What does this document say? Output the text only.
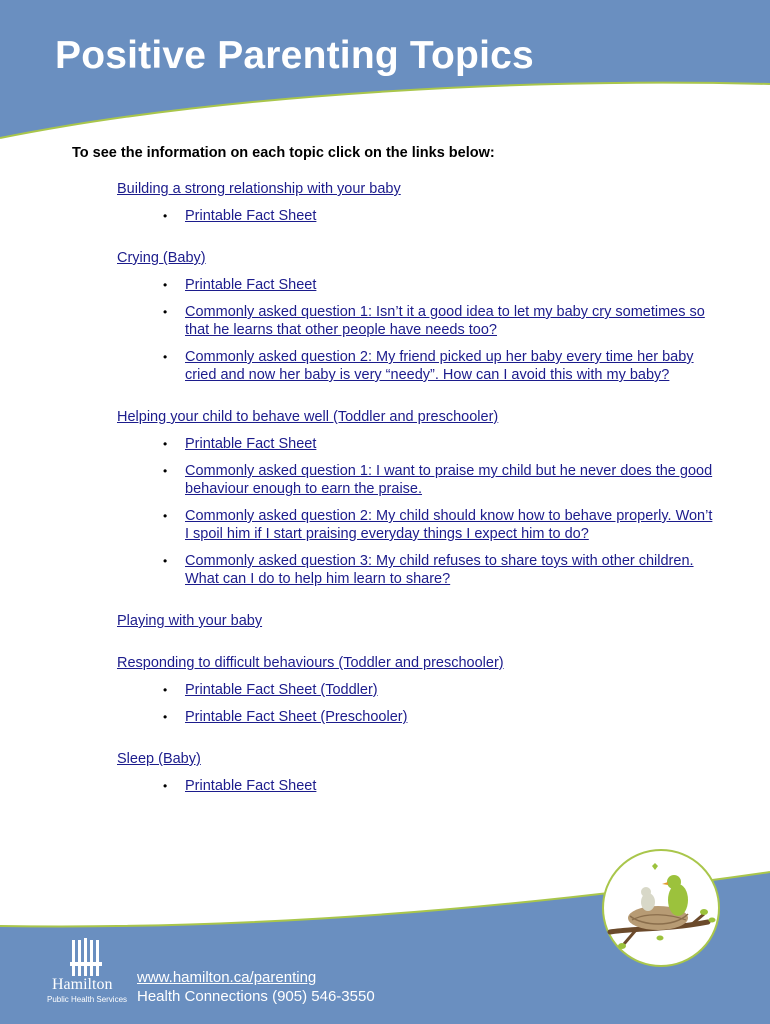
Positive Parenting Topics
To see the information on each topic click on the links below:
Building a strong relationship with your baby
• Printable Fact Sheet
Crying (Baby)
• Printable Fact Sheet
• Commonly asked question 1: Isn’t it a good idea to let my baby cry sometimes so that he learns that other people have needs too?
• Commonly asked question 2: My friend picked up her baby every time her baby cried and now her baby is very “needy”. How can I avoid this with my baby?
Helping your child to behave well (Toddler and preschooler)
• Printable Fact Sheet
• Commonly asked question 1: I want to praise my child but he never does the good behaviour enough to earn the praise.
• Commonly asked question 2: My child should know how to behave properly. Won’t I spoil him if I start praising everyday things I expect him to do?
• Commonly asked question 3: My child refuses to share toys with other children. What can I do to help him learn to share?
Playing with your baby
Responding to difficult behaviours (Toddler and preschooler)
• Printable Fact Sheet (Toddler)
• Printable Fact Sheet (Preschooler)
Sleep (Baby)
• Printable Fact Sheet
Hamilton
Public Health Services
www.hamilton.ca/parenting
Health Connections (905) 546-3550
